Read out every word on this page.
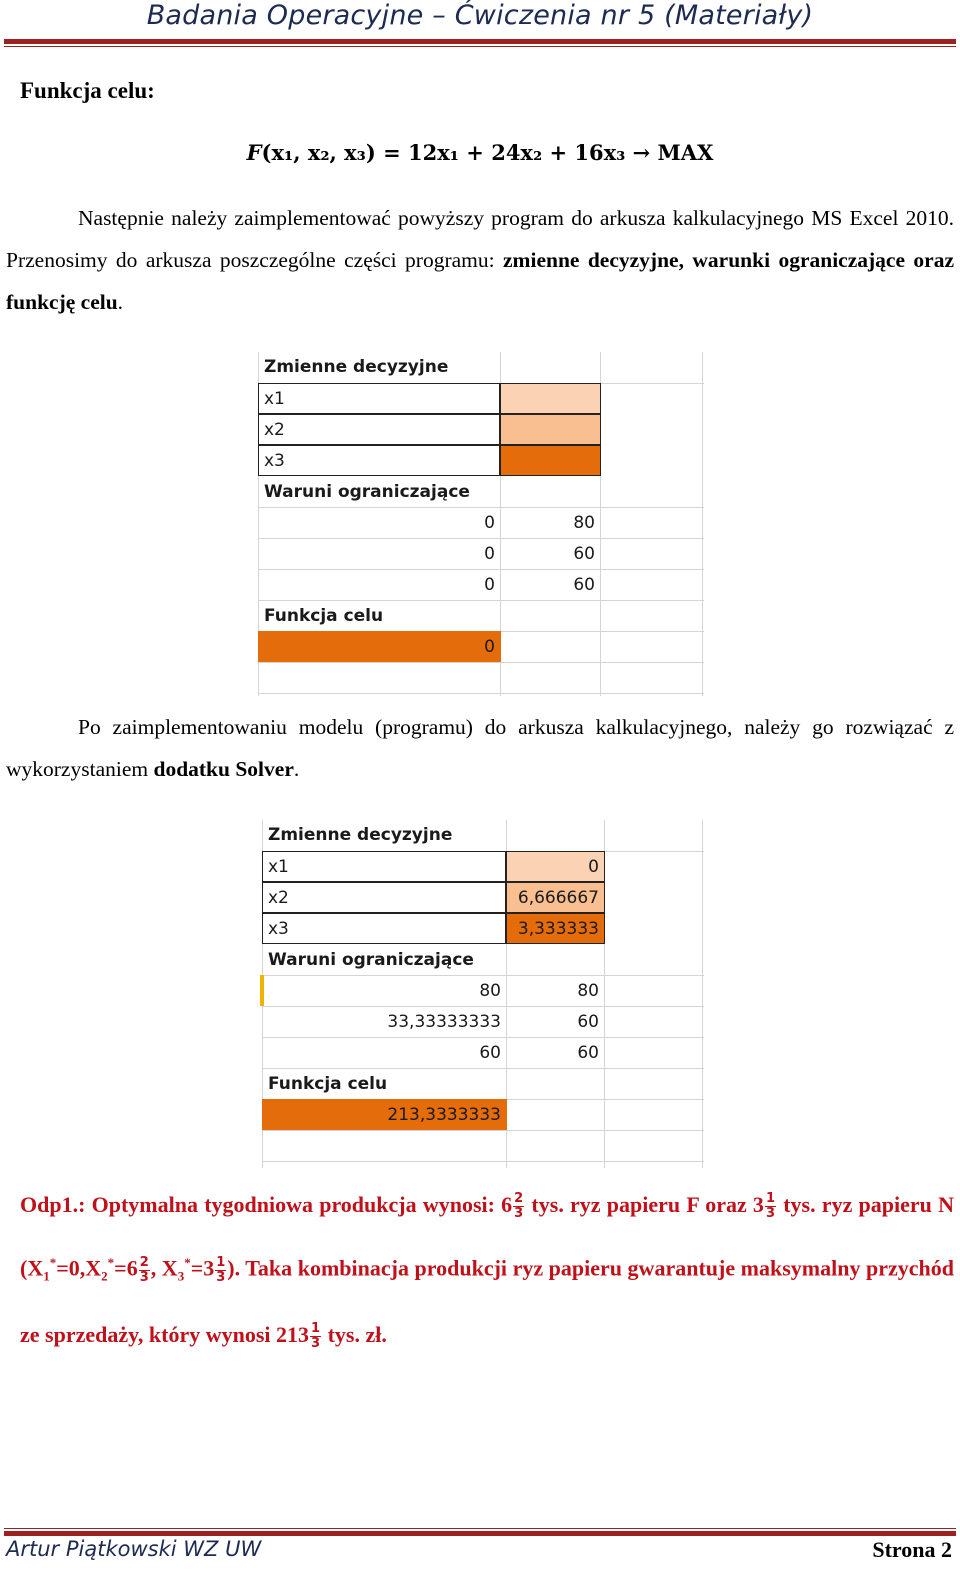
Badania Operacyjne – Ćwiczenia nr 5 (Materiały)
Funkcja celu:
F(x₁, x₂, x₃) = 12x₁ + 24x₂ + 16x₃ → MAX
Następnie należy zaimplementować powyższy program do arkusza kalkulacyjnego MS Excel 2010. Przenosimy do arkusza poszczególne części programu: zmienne decyzyjne, warunki ograniczające oraz funkcję celu.
Zmienne decyzyjne
x1
x2
x3
Waruni ograniczające
0	80
0	60
0	60
Funkcja celu
0
Po zaimplementowaniu modelu (programu) do arkusza kalkulacyjnego, należy go rozwiązać z wykorzystaniem dodatku Solver.
Zmienne decyzyjne
x1	0
x2	6,666667
x3	3,333333
Waruni ograniczające
80	80
33,33333333	60
60	60
Funkcja celu
213,3333333
Odp1.: Optymalna tygodniowa produkcja wynosi: $6 \frac{2}{3}$ tys. ryz papieru F oraz $3 \frac{1}{3}$ tys. ryz papieru N ($X_1^*=0,X_2^*=6 \frac{2}{3}$ , $X_3^*=3 \frac{1}{3}$ ). Taka kombinacja produkcji ryz papieru gwarantuje maksymalny przychód ze sprzedaży, który wynosi $213 \frac{1}{3}$ tys. zł.
Artur Piątkowski WZ UW	Strona 2
